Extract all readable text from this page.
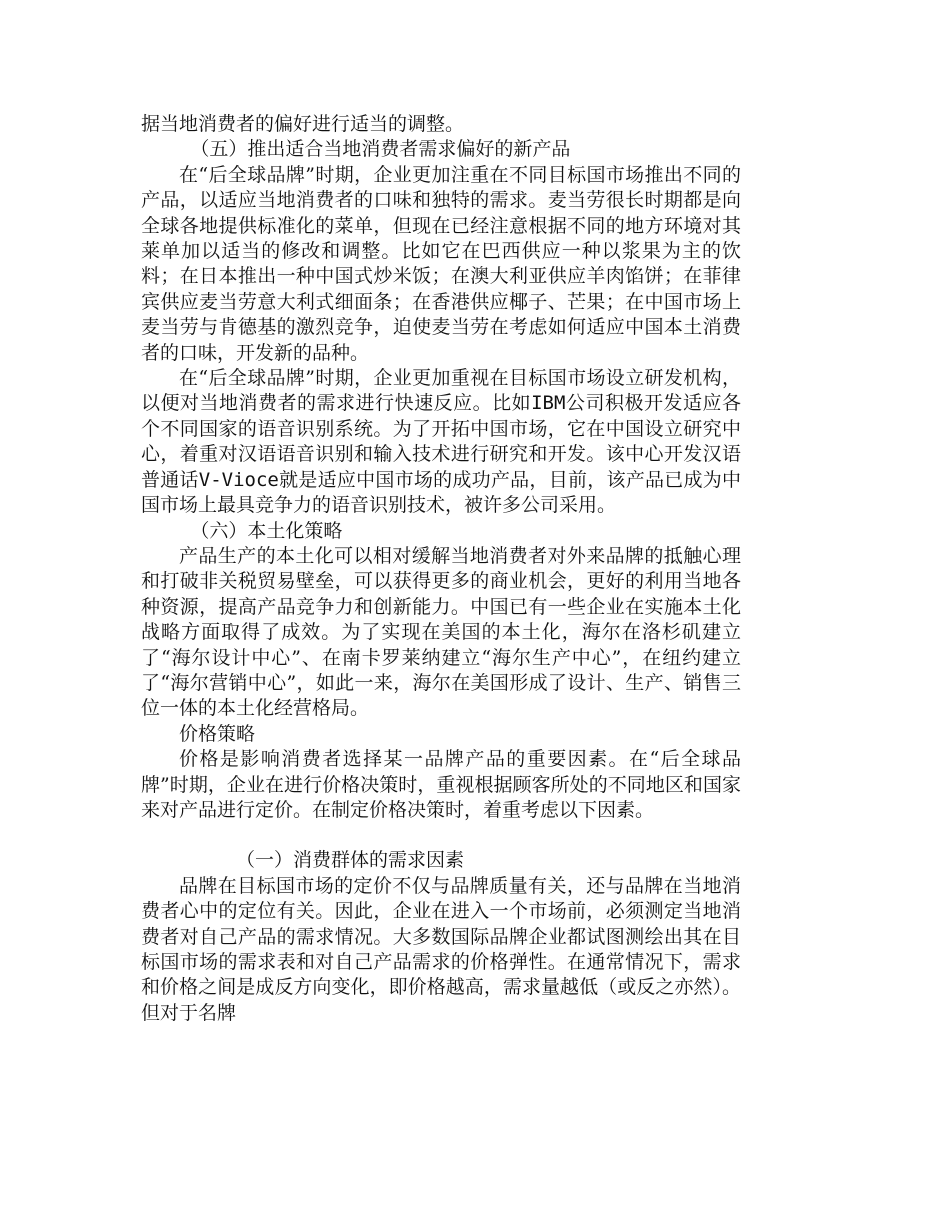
据当地消费者的偏好进行适当的调整。

（五）推出适合当地消费者需求偏好的新产品

在“后全球品牌”时期，企业更加注重在不同目标国市场推出不同的产品，以适应当地消费者的口味和独特的需求。麦当劳很长时期都是向全球各地提供标准化的菜单，但现在已经注意根据不同的地方环境对其莱单加以适当的修改和调整。比如它在巴西供应一种以浆果为主的饮料；在日本推出一种中国式炒米饭；在澳大利亚供应羊肉馅饼；在菲律宾供应麦当劳意大利式细面条；在香港供应椰子、芒果；在中国市场上麦当劳与肯德基的激烈竞争，迫使麦当劳在考虑如何适应中国本土消费者的口味，开发新的品种。

在“后全球品牌”时期，企业更加重视在目标国市场设立研发机构，以便对当地消费者的需求进行快速反应。比如IBM公司积极开发适应各个不同国家的语音识别系统。为了开拓中国市场，它在中国设立研究中心，着重对汉语语音识别和输入技术进行研究和开发。该中心开发汉语普通话V-Vioce就是适应中国市场的成功产品，目前，该产品已成为中国市场上最具竞争力的语音识别技术，被许多公司采用。

（六）本土化策略

产品生产的本土化可以相对缓解当地消费者对外来品牌的抵触心理和打破非关税贸易壁垒，可以获得更多的商业机会，更好的利用当地各种资源，提高产品竞争力和创新能力。中国已有一些企业在实施本土化战略方面取得了成效。为了实现在美国的本土化，海尔在洛杉矶建立了“海尔设计中心”、在南卡罗莱纳建立“海尔生产中心”，在纽约建立了“海尔营销中心”，如此一来，海尔在美国形成了设计、生产、销售三位一体的本土化经营格局。

价格策略

价格是影响消费者选择某一品牌产品的重要因素。在“后全球品牌”时期，企业在进行价格决策时，重视根据顾客所处的不同地区和国家来对产品进行定价。在制定价格决策时，着重考虑以下因素。

（一）消费群体的需求因素

品牌在目标国市场的定价不仅与品牌质量有关，还与品牌在当地消费者心中的定位有关。因此，企业在进入一个市场前，必须测定当地消费者对自己产品的需求情况。大多数国际品牌企业都试图测绘出其在目标国市场的需求表和对自己产品需求的价格弹性。在通常情况下，需求和价格之间是成反方向变化，即价格越高，需求量越低（或反之亦然）。但对于名牌
